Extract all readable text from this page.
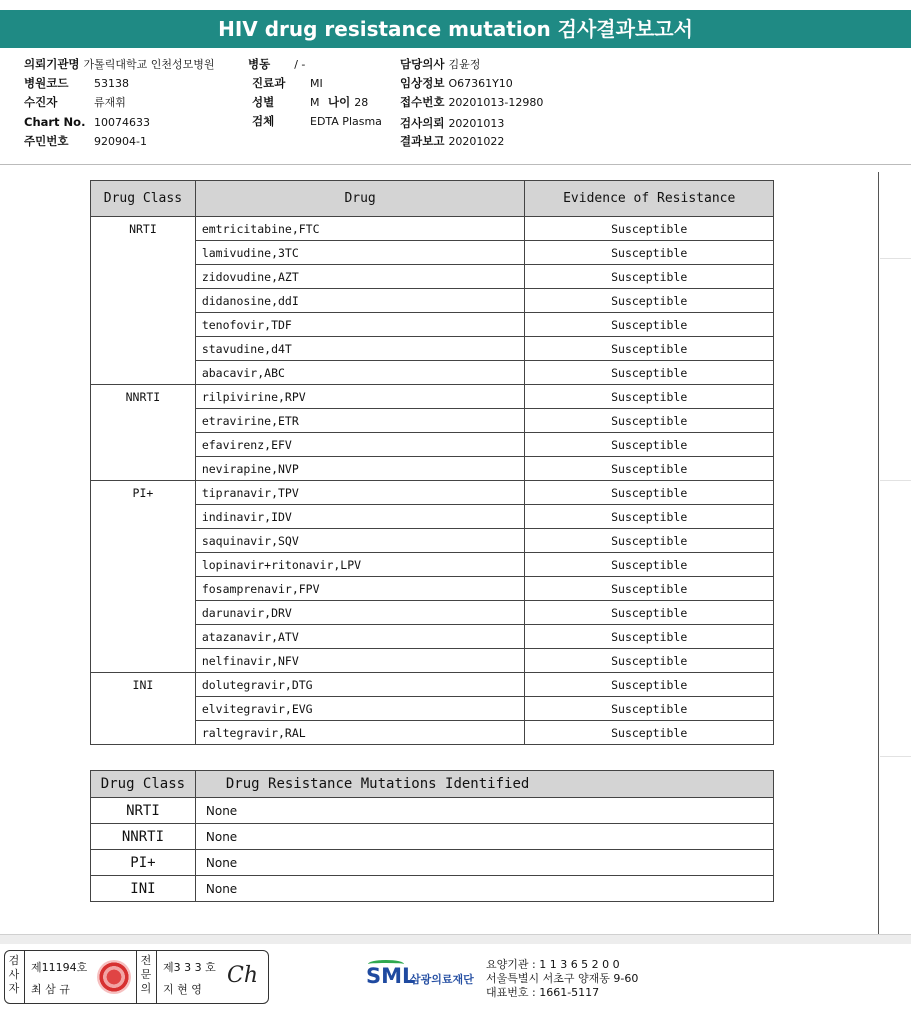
HIV drug resistance mutation 검사결과보고서
의뢰기관명 가톨릭대학교 인천성모병원	병동 / -	담당의사 김윤정
병원코드 53138	진료과 MI	임상정보 O67361Y10
수진자	류재휘	성별	M 나이 28	접수번호 20201013-12980
Chart No. 10074633	검체	EDTA Plasma 검사의뢰 20201013
주민번호 920904-1	결과보고 20201022
Drug Class	Drug	Evidence of Resistance
NRTI	emtricitabine,FTC	Susceptible
	lamivudine,3TC	Susceptible
	zidovudine,AZT	Susceptible
	didanosine,ddI	Susceptible
	tenofovir,TDF	Susceptible
	stavudine,d4T	Susceptible
	abacavir,ABC	Susceptible
NNRTI	rilpivirine,RPV	Susceptible
	etravirine,ETR	Susceptible
	efavirenz,EFV	Susceptible
	nevirapine,NVP	Susceptible
PI+	tipranavir,TPV	Susceptible
	indinavir,IDV	Susceptible
	saquinavir,SQV	Susceptible
	lopinavir+ritonavir,LPV	Susceptible
	fosamprenavir,FPV	Susceptible
	darunavir,DRV	Susceptible
	atazanavir,ATV	Susceptible
	nelfinavir,NFV	Susceptible
INI	dolutegravir,DTG	Susceptible
	elvitegravir,EVG	Susceptible
	raltegravir,RAL	Susceptible
Drug Class	Drug Resistance Mutations Identified
NRTI	None
NNRTI	None
PI+	None
INI	None
검사자
제11194호
최 삼 규
전문의
제3 3 3 호
지 현 영
Ch	SML
삼광의료재단
요양기관 : 1 1 3 6 5 2 0 0
서울특별시 서초구 양재동 9-60
대표번호 : 1661-5117
